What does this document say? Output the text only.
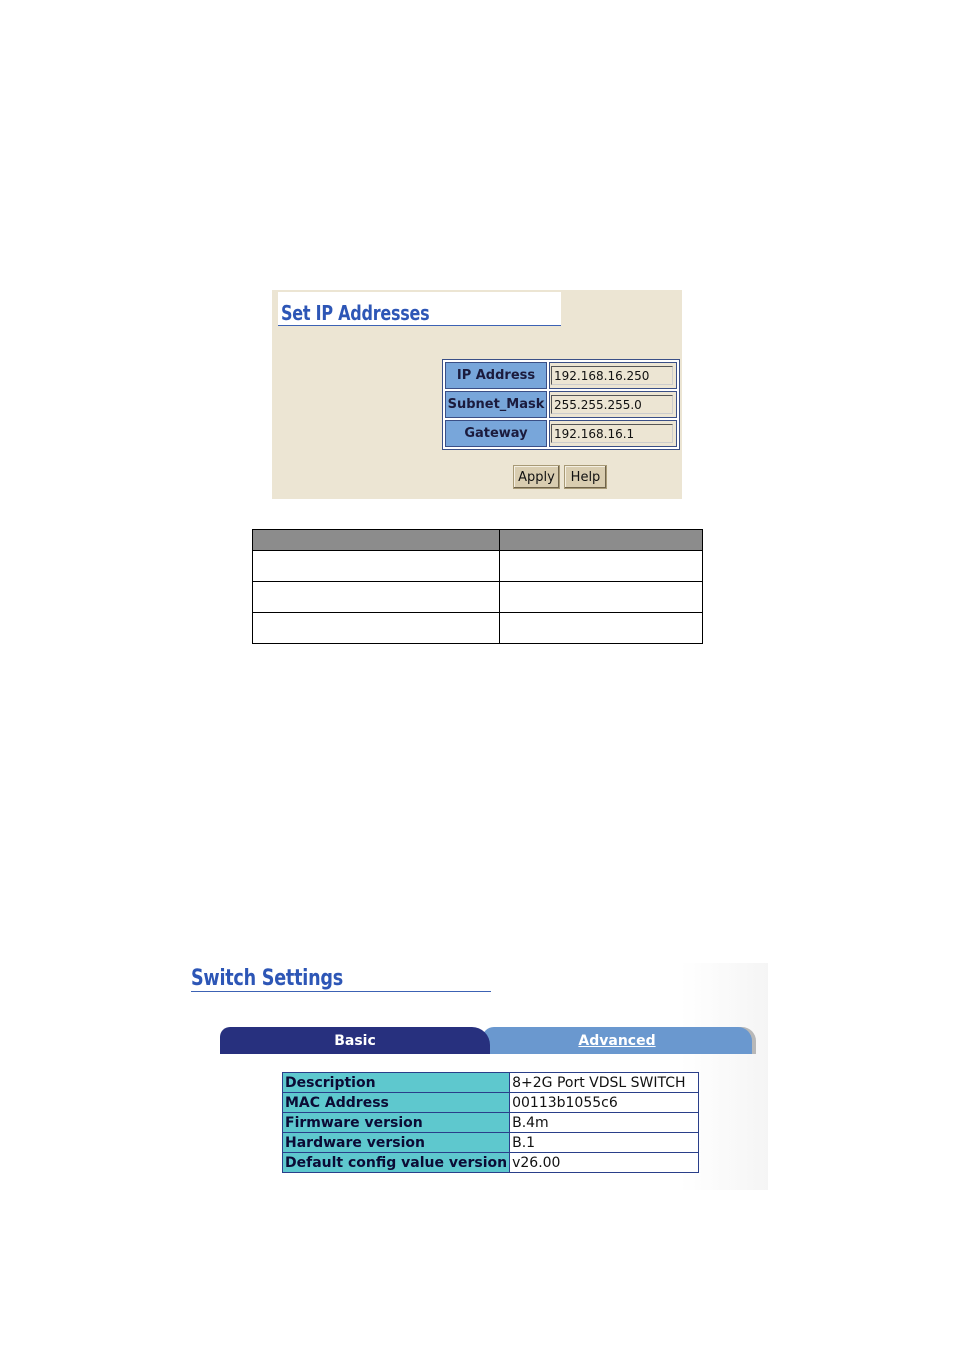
Set IP Addresses
IP Address	192.168.16.250
Subnet_Mask	255.255.255.0
Gateway	192.168.16.1
Apply	Help

Switch Settings
Basic	Advanced
Description	8+2G Port VDSL SWITCH
MAC Address	00113b1055c6
Firmware version	B.4m
Hardware version	B.1
Default config value version	v26.00
